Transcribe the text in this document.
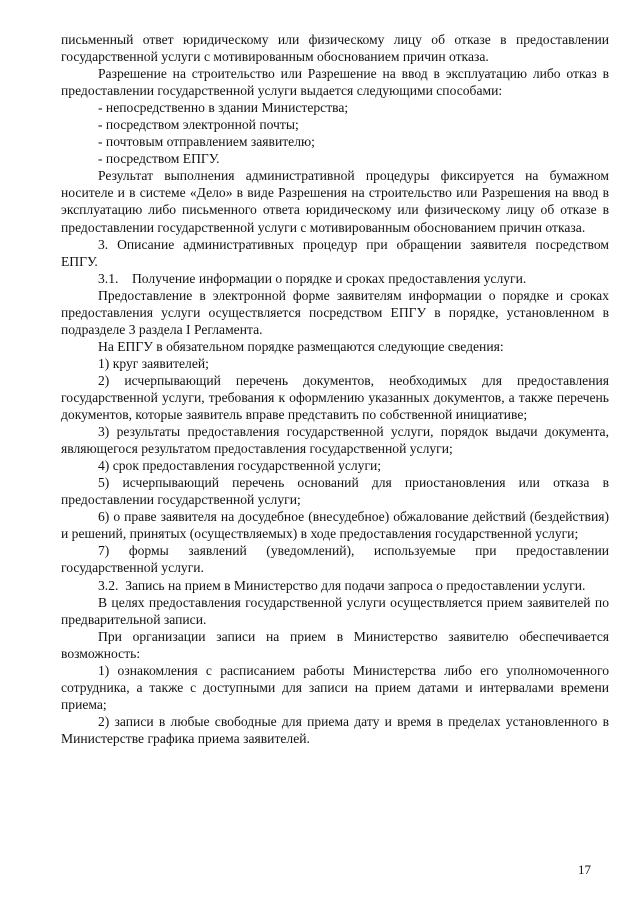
письменный ответ юридическому или физическому лицу об отказе в предоставлении государственной услуги с мотивированным обоснованием причин отказа.

Разрешение на строительство или Разрешение на ввод в эксплуатацию либо отказ в предоставлении государственной услуги выдается следующими способами:

- непосредственно в здании Министерства;

- посредством электронной почты;

- почтовым отправлением заявителю;

- посредством ЕПГУ.

Результат выполнения административной процедуры фиксируется на бумажном носителе и в системе «Дело» в виде Разрешения на строительство или Разрешения на ввод в эксплуатацию либо письменного ответа юридическому или физическому лицу об отказе в предоставлении государственной услуги с мотивированным обоснованием причин отказа.

3. Описание административных процедур при обращении заявителя посредством ЕПГУ.

3.1.    Получение информации о порядке и сроках предоставления услуги.

Предоставление в электронной форме заявителям информации о порядке и сроках предоставления услуги осуществляется посредством ЕПГУ в порядке, установленном в подразделе 3 раздела I Регламента.

На ЕПГУ в обязательном порядке размещаются следующие сведения:

1) круг заявителей;

2) исчерпывающий перечень документов, необходимых для предоставления государственной услуги, требования к оформлению указанных документов, а также перечень документов, которые заявитель вправе представить по собственной инициативе;

3) результаты предоставления государственной услуги, порядок выдачи документа, являющегося результатом предоставления государственной услуги;

4) срок предоставления государственной услуги;

5) исчерпывающий перечень оснований для приостановления или отказа в предоставлении государственной услуги;

6) о праве заявителя на досудебное (внесудебное) обжалование действий (бездействия) и решений, принятых (осуществляемых) в ходе предоставления государственной услуги;

7) формы заявлений (уведомлений), используемые при предоставлении государственной услуги.

3.2.  Запись на прием в Министерство для подачи запроса о предоставлении услуги.

В целях предоставления государственной услуги осуществляется прием заявителей по предварительной записи.

При организации записи на прием в Министерство заявителю обеспечивается возможность:

1) ознакомления с расписанием работы Министерства либо его уполномоченного сотрудника, а также с доступными для записи на прием датами и интервалами времени приема;

2) записи в любые свободные для приема дату и время в пределах установленного в Министерстве графика приема заявителей.

17
